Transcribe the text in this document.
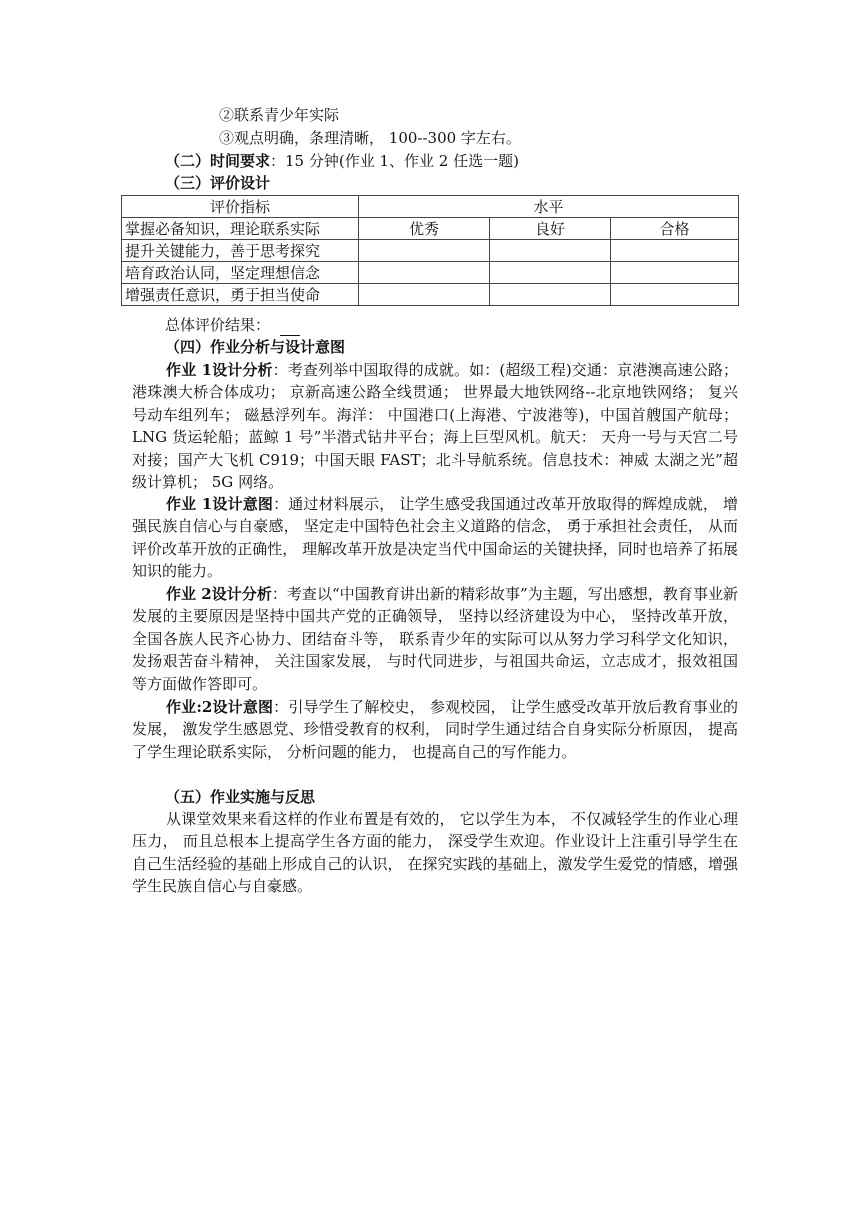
②联系青少年实际
③观点明确，条理清晰， 100--300 字左右。
（二）时间要求：15 分钟(作业 1、作业 2 任选一题)
（三）评价设计
评价指标	水平		
掌握必备知识，理论联系实际	优秀	良好	合格
提升关键能力，善于思考探究			
培育政治认同，坚定理想信念			
增强责任意识，勇于担当使命			
总体评价结果：
（四）作业分析与设计意图
作业 1设计分析：考查列举中国取得的成就。如：(超级工程)交通：京港澳高速公路； 港珠澳大桥合体成功； 京新高速公路全线贯通； 世界最大地铁网络--北京地铁网络； 复兴号动车组列车； 磁悬浮列车。海洋： 中国港口(上海港、宁波港等)，中国首艘国产航母； LNG 货运轮船；蓝鲸 1 号”半潜式钻井平台；海上巨型风机。航天： 天舟一号与天宫二号对接；国产大飞机 C919；中国天眼 FAST；北斗导航系统。信息技术：神威 太湖之光”超级计算机； 5G 网络。
作业 1设计意图：通过材料展示， 让学生感受我国通过改革开放取得的辉煌成就， 增强民族自信心与自豪感， 坚定走中国特色社会主义道路的信念， 勇于承担社会责任， 从而评价改革开放的正确性， 理解改革开放是决定当代中国命运的关键抉择，同时也培养了拓展知识的能力。
作业 2设计分析：考查以“中国教育讲出新的精彩故事”为主题，写出感想，教育事业新发展的主要原因是坚持中国共产党的正确领导， 坚持以经济建设为中心， 坚持改革开放， 全国各族人民齐心协力、团结奋斗等， 联系青少年的实际可以从努力学习科学文化知识， 发扬艰苦奋斗精神， 关注国家发展， 与时代同进步，与祖国共命运，立志成才，报效祖国等方面做作答即可。
作业:2设计意图：引导学生了解校史， 参观校园， 让学生感受改革开放后教育事业的发展， 激发学生感恩党、珍惜受教育的权利， 同时学生通过结合自身实际分析原因， 提高了学生理论联系实际， 分析问题的能力， 也提高自己的写作能力。
（五）作业实施与反思
从课堂效果来看这样的作业布置是有效的， 它以学生为本， 不仅减轻学生的作业心理压力， 而且总根本上提高学生各方面的能力， 深受学生欢迎。作业设计上注重引导学生在自己生活经验的基础上形成自己的认识， 在探究实践的基础上，激发学生爱党的情感，增强学生民族自信心与自豪感。
